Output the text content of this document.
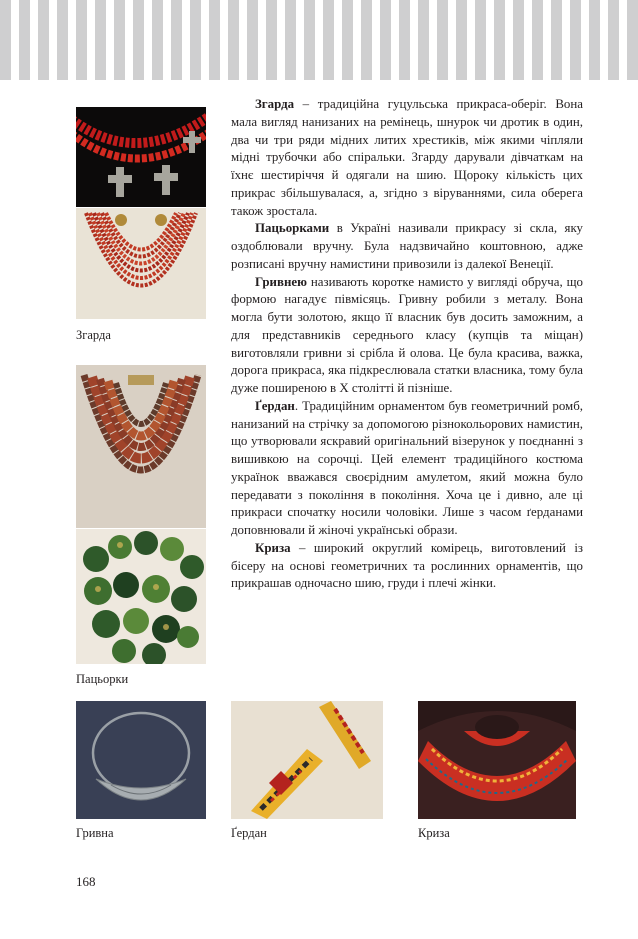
Згарда
Пацьорки

Згарда – традиційна гуцульська прикраса-оберіг. Вона мала вигляд нанизаних на ремінець, шнурок чи дротик в один, два чи три ряди мідних литих хрестиків, між якими чіпляли мідні трубочки або спіральки. Згарду дарували дівчаткам на їхнє шестиріччя й одягали на шию. Щороку кількість цих прикрас збільшувалася, а, згідно з віруваннями, сила оберега також зростала.

Пацьорками в Україні називали прикрасу зі скла, яку оздоблювали вручну. Була надзвичайно коштовною, адже розписані вручну намистини привозили із далекої Венеції.

Гривнею називають коротке намисто у вигляді обруча, що формою нагадує півмісяць. Гривну робили з металу. Вона могла бути золотою, якщо її власник був досить заможним, а для представників середнього класу (купців та міщан) виготовляли гривни зі срібла й олова. Це була красива, важка, дорога прикраса, яка підкреслювала статки власника, тому була дуже поширеною в X столітті й пізніше.

Ґердан. Традиційним орнаментом був геометричний ромб, нанизаний на стрічку за допомогою різнокольорових намистин, що утворювали яскравий оригінальний візерунок у поєднанні з вишивкою на сорочці. Цей елемент традиційного костюма українок вважався своєрідним амулетом, який можна було передавати з покоління в покоління. Хоча це і дивно, але ці прикраси спочатку носили чоловіки. Лише з часом ґерданами доповнювали й жіночі українські образи.

Криза – широкий округлий комірець, виготовлений із бісеру на основі геометричних та рослинних орнаментів, що прикрашав одночасно шию, груди і плечі жінки.

Гривна	Ґердан	Криза
168
